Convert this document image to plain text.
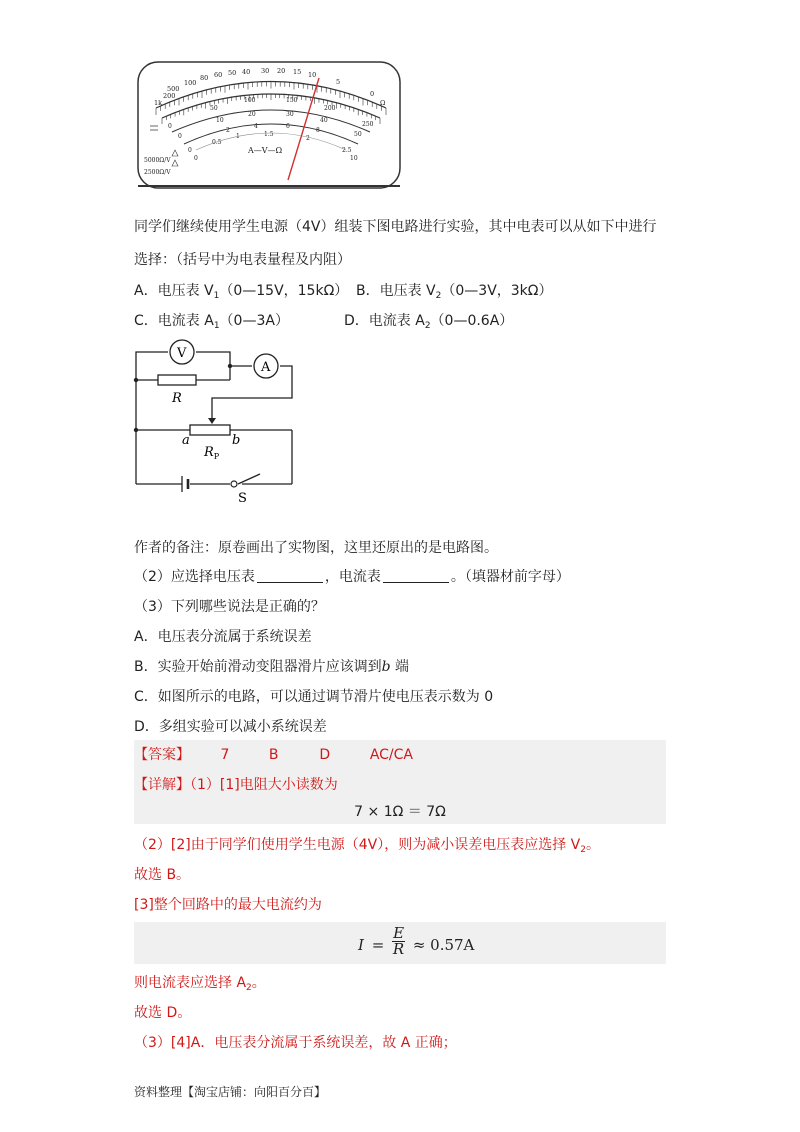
500
200
1k
100
80 60 50 40 30 20 15 10
5
0
Ω
0
50
100	150
200
250
0
10
20	30
40
50
0
0.5
1	1.5
2
2.5
0
2
4	6
8
10
A—V—Ω
5000Ω/V
2500Ω/V
同学们继续使用学生电源（4V）组装下图电路进行实验，其中电表可以从如下中进行
选择：（括号中为电表量程及内阻）
A．电压表 $V_1(0—15V$，15kΩ） B．电压表 $V_2(0—3V$，3kΩ）
C．电流表 $A_1(0—3A)$	D．电流表 $A_2(0—0.6A)$
V
A
R
a	b
$R_P$
S
作者的备注：原卷画出了实物图，这里还原出的是电路图。
（2）应选择电压表	，电流表	。（填器材前字母）
（3）下列哪些说法是正确的？
A．电压表分流属于系统误差
B．实验开始前滑动变阻器滑片应该调到b 端
C．如图所示的电路，可以通过调节滑片使电压表示数为 0
D．多组实验可以减小系统误差
【答案】 7	B	D	AC/CA
【详解】（1）[1]电阻大小读数为
7 × 1Ω ＝ 7Ω
（2）[2]由于同学们使用学生电源（4V），则为减小误差电压表应选择 $V_2$。
故选 B。
[3]整个回路中的最大电流约为
$I = \frac{E}{R} \approx 0.57A$
则电流表应选择 $A_2$。
故选 D。
（3）[4]A．电压表分流属于系统误差，故 A 正确；
资料整理【淘宝店铺：向阳百分百】
